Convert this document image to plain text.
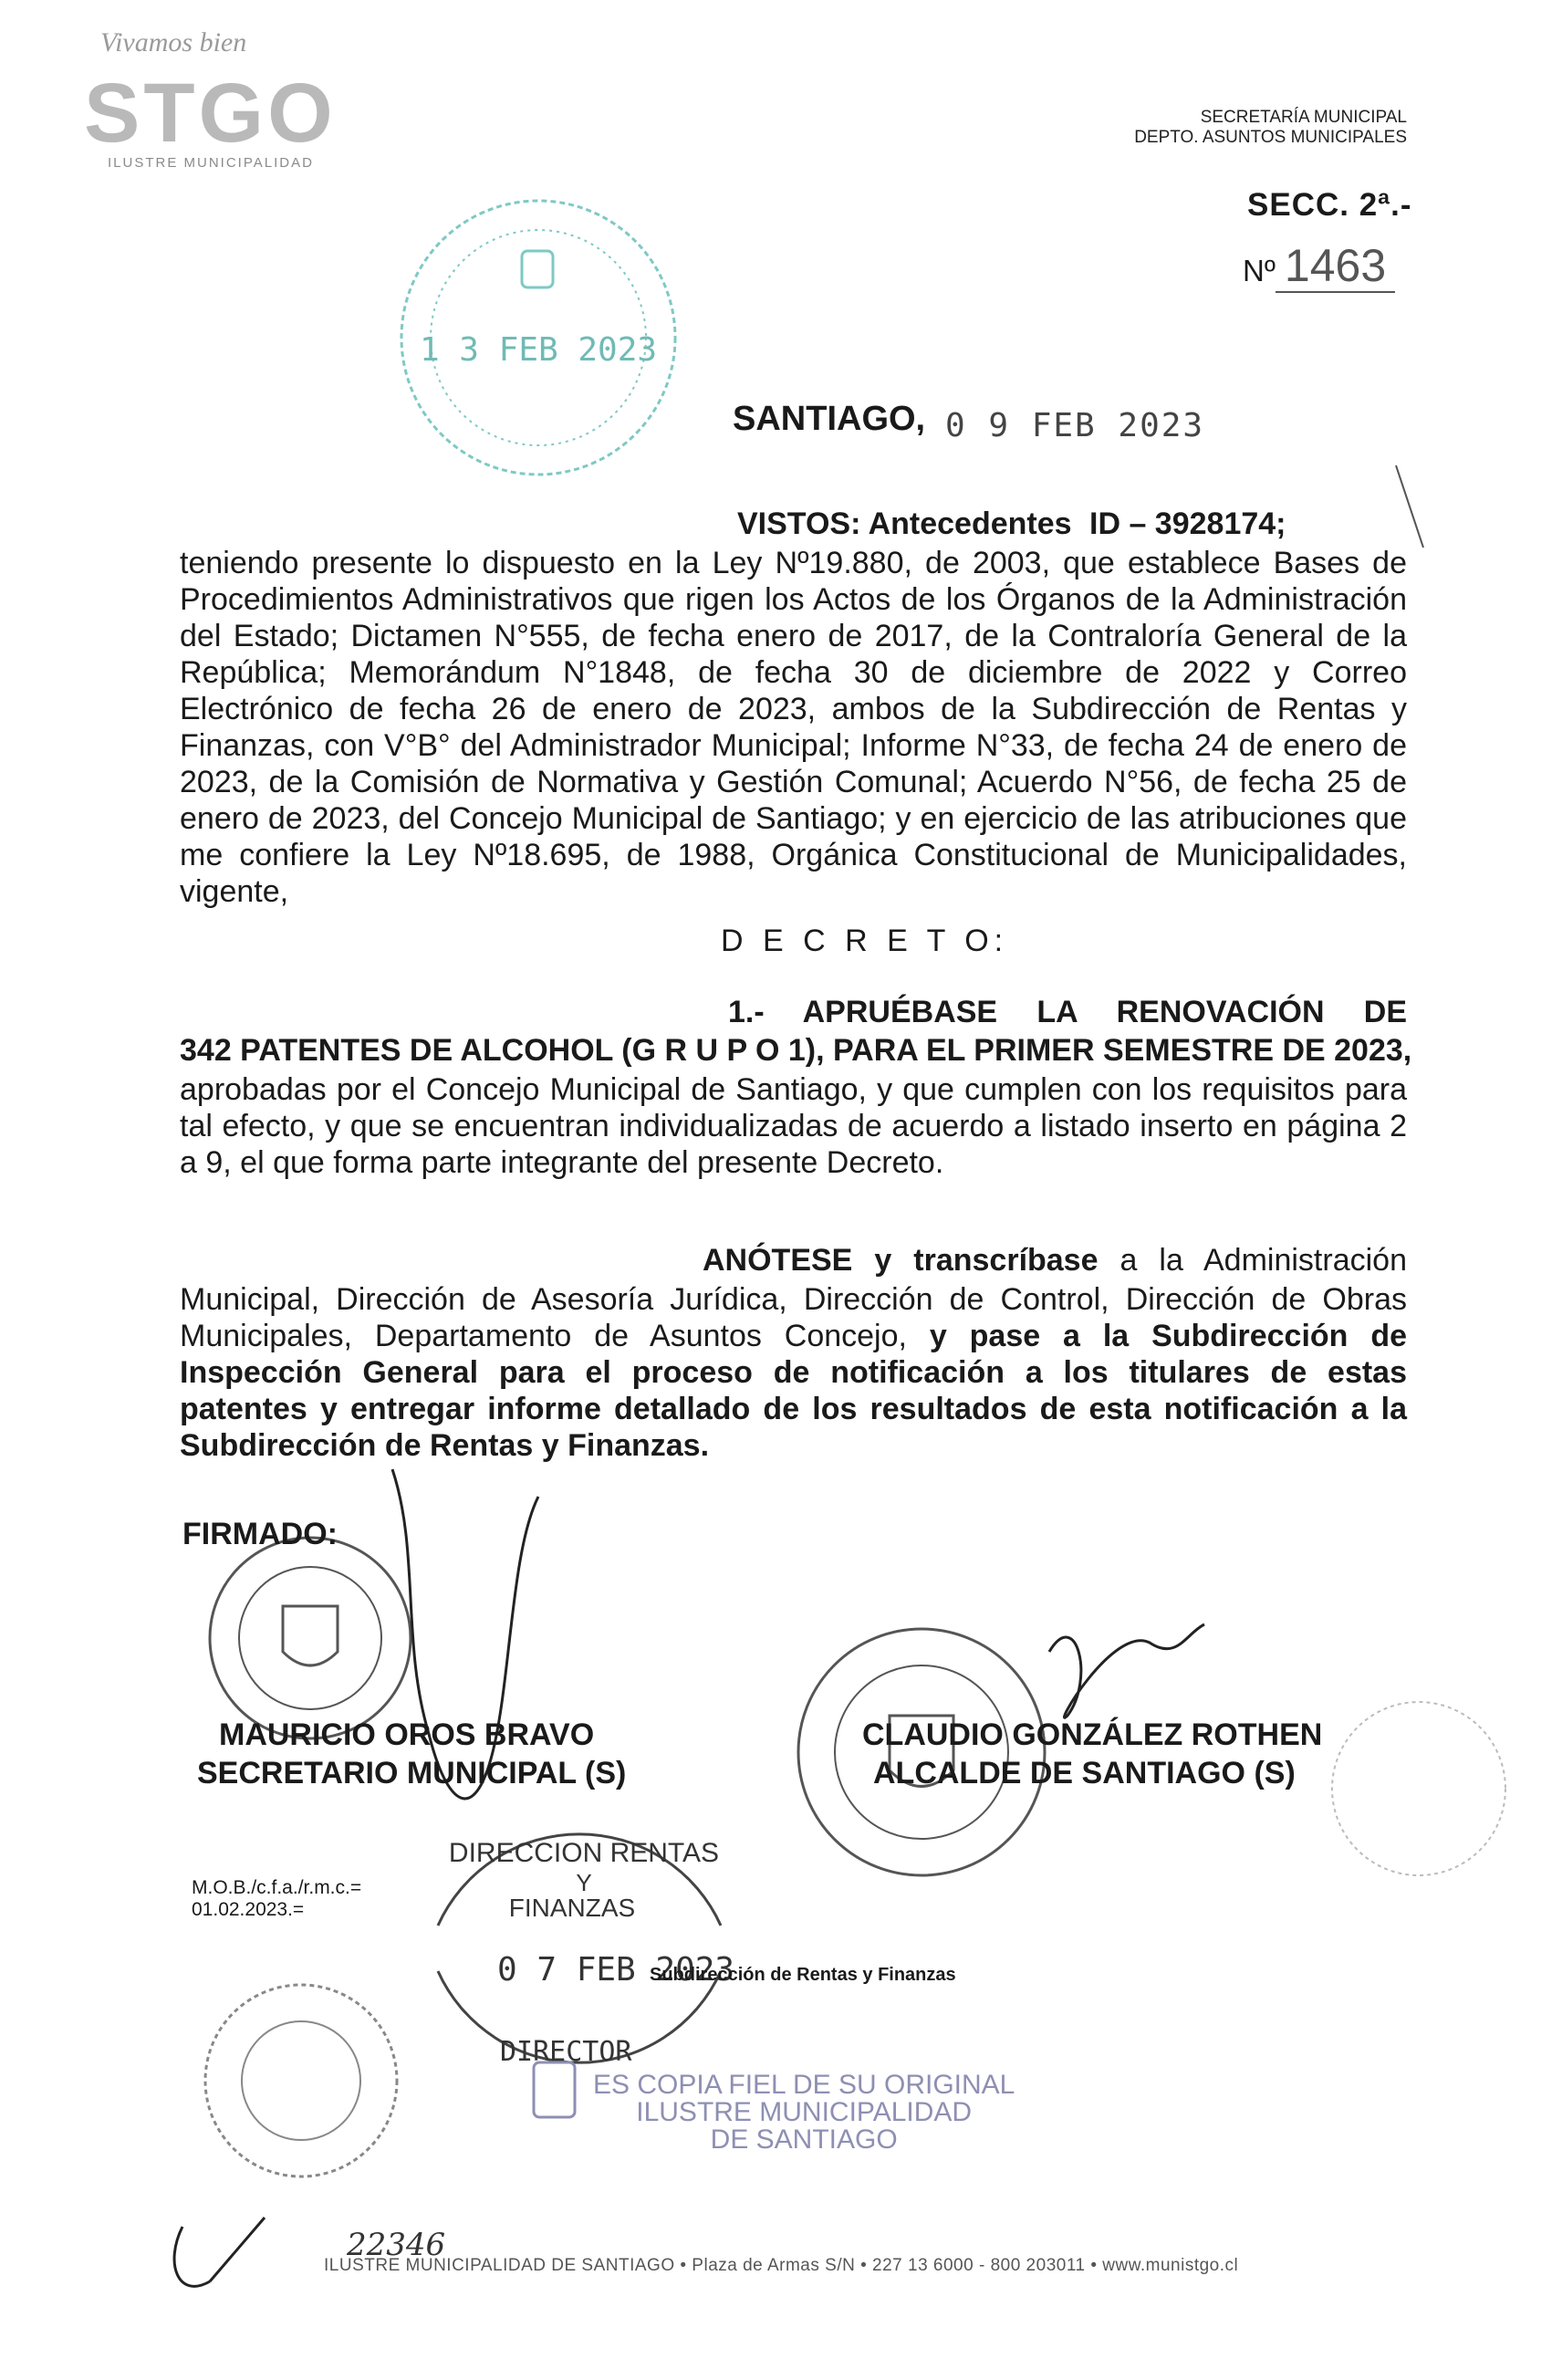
Vivamos bien
STGO
ILUSTRE MUNICIPALIDAD
SECRETARÍA MUNICIPAL
DEPTO. ASUNTOS MUNICIPALES
SECC. 2ª.-
Nº 1463
SANTIAGO, 0 9 FEB 2023
1 3 FEB 2023
DIRECCION RENTAS
Y
FINANZAS
0 7 FEB 2023
DIRECTOR
VISTOS: Antecedentes ID – 3928174;
teniendo presente lo dispuesto en la Ley Nº19.880, de 2003, que establece Bases de Procedimientos Administrativos que rigen los Actos de los Órganos de la Administración del Estado; Dictamen N°555, de fecha enero de 2017, de la Contraloría General de la República; Memorándum N°1848, de fecha 30 de diciembre de 2022 y Correo Electrónico de fecha 26 de enero de 2023, ambos de la Subdirección de Rentas y Finanzas, con V°B° del Administrador Municipal; Informe N°33, de fecha 24 de enero de 2023, de la Comisión de Normativa y Gestión Comunal; Acuerdo N°56, de fecha 25 de enero de 2023, del Concejo Municipal de Santiago; y en ejercicio de las atribuciones que me confiere la Ley Nº18.695, de 1988, Orgánica Constitucional de Municipalidades, vigente,
D E C R E T O:
1.- APRUÉBASE LA RENOVACIÓN DE
342 PATENTES DE ALCOHOL (G R U P O 1), PARA EL PRIMER SEMESTRE DE 2023,
aprobadas por el Concejo Municipal de Santiago, y que cumplen con los requisitos para tal efecto, y que se encuentran individualizadas de acuerdo a listado inserto en página 2 a 9, el que forma parte integrante del presente Decreto.
ANÓTESE y transcríbase a la Administración
Municipal, Dirección de Asesoría Jurídica, Dirección de Control, Dirección de Obras Municipales, Departamento de Asuntos Concejo, y pase a la Subdirección de Inspección General para el proceso de notificación a los titulares de estas patentes y entregar informe detallado de los resultados de esta notificación a la Subdirección de Rentas y Finanzas.
FIRMADO:
MAURICIO OROS BRAVO
SECRETARIO MUNICIPAL (S)
CLAUDIO GONZÁLEZ ROTHEN
ALCALDE DE SANTIAGO (S)
M.O.B./c.f.a./r.m.c.=
01.02.2023.=
Subdirección de Rentas y Finanzas
ES COPIA FIEL DE SU ORIGINAL
ILUSTRE MUNICIPALIDAD
DE SANTIAGO
22346
ILUSTRE MUNICIPALIDAD DE SANTIAGO • Plaza de Armas S/N • 227 13 6000 - 800 203011 • www.munistgo.cl
